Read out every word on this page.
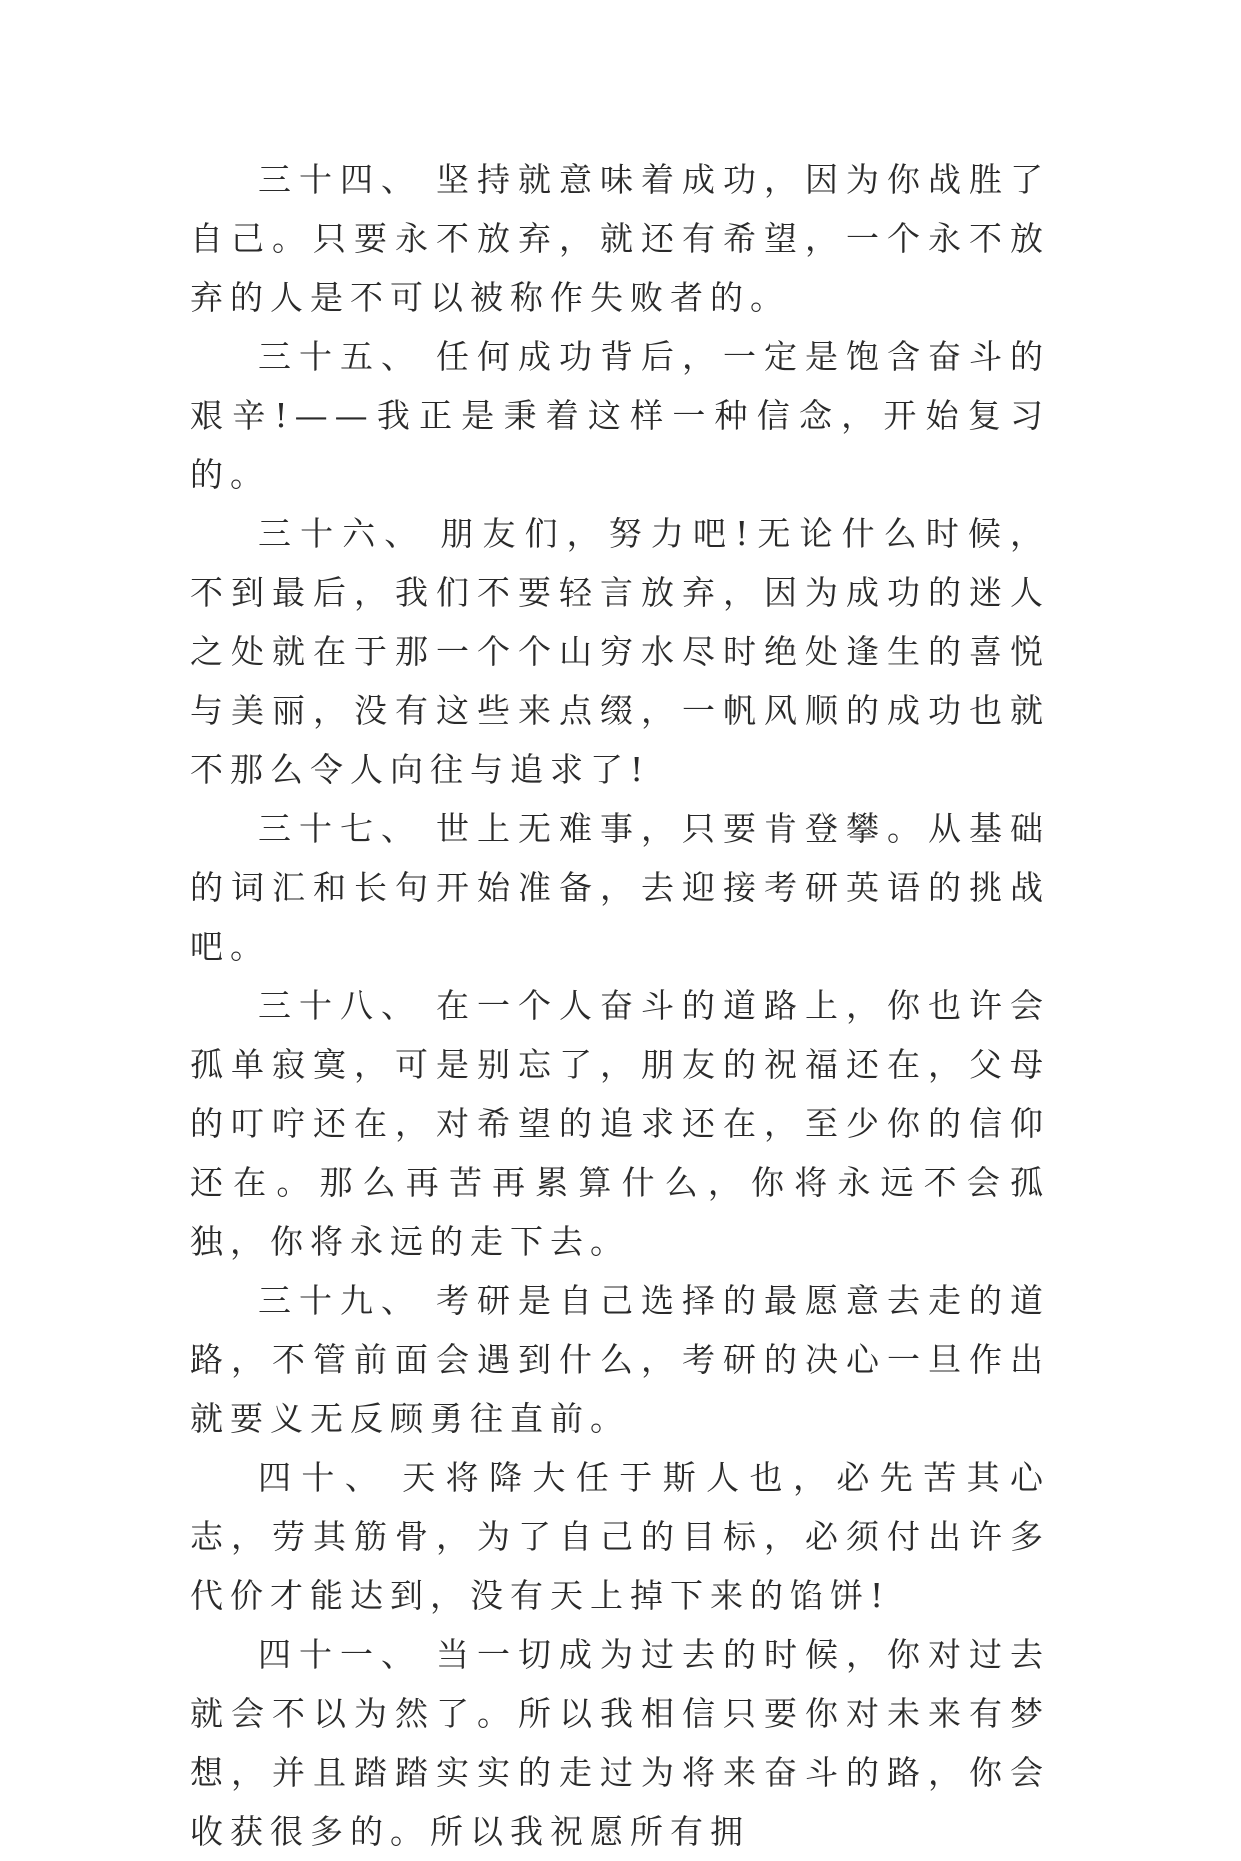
三十四、 坚持就意味着成功，因为你战胜了自己。只要永不放弃，就还有希望，一个永不放弃的人是不可以被称作失败者的。

三十五、 任何成功背后，一定是饱含奋斗的艰辛!——我正是秉着这样一种信念，开始复习的。

三十六、 朋友们，努力吧!无论什么时候，不到最后，我们不要轻言放弃，因为成功的迷人之处就在于那一个个山穷水尽时绝处逢生的喜悦与美丽，没有这些来点缀，一帆风顺的成功也就不那么令人向往与追求了!

三十七、 世上无难事，只要肯登攀。从基础的词汇和长句开始准备，去迎接考研英语的挑战吧。

三十八、 在一个人奋斗的道路上，你也许会孤单寂寞，可是别忘了，朋友的祝福还在，父母的叮咛还在，对希望的追求还在，至少你的信仰还在。那么再苦再累算什么，你将永远不会孤独，你将永远的走下去。

三十九、 考研是自己选择的最愿意去走的道路，不管前面会遇到什么，考研的决心一旦作出就要义无反顾勇往直前。

四十、 天将降大任于斯人也，必先苦其心志，劳其筋骨，为了自己的目标，必须付出许多代价才能达到，没有天上掉下来的馅饼!

四十一、 当一切成为过去的时候，你对过去就会不以为然了。所以我相信只要你对未来有梦想，并且踏踏实实的走过为将来奋斗的路，你会收获很多的。所以我祝愿所有拥
